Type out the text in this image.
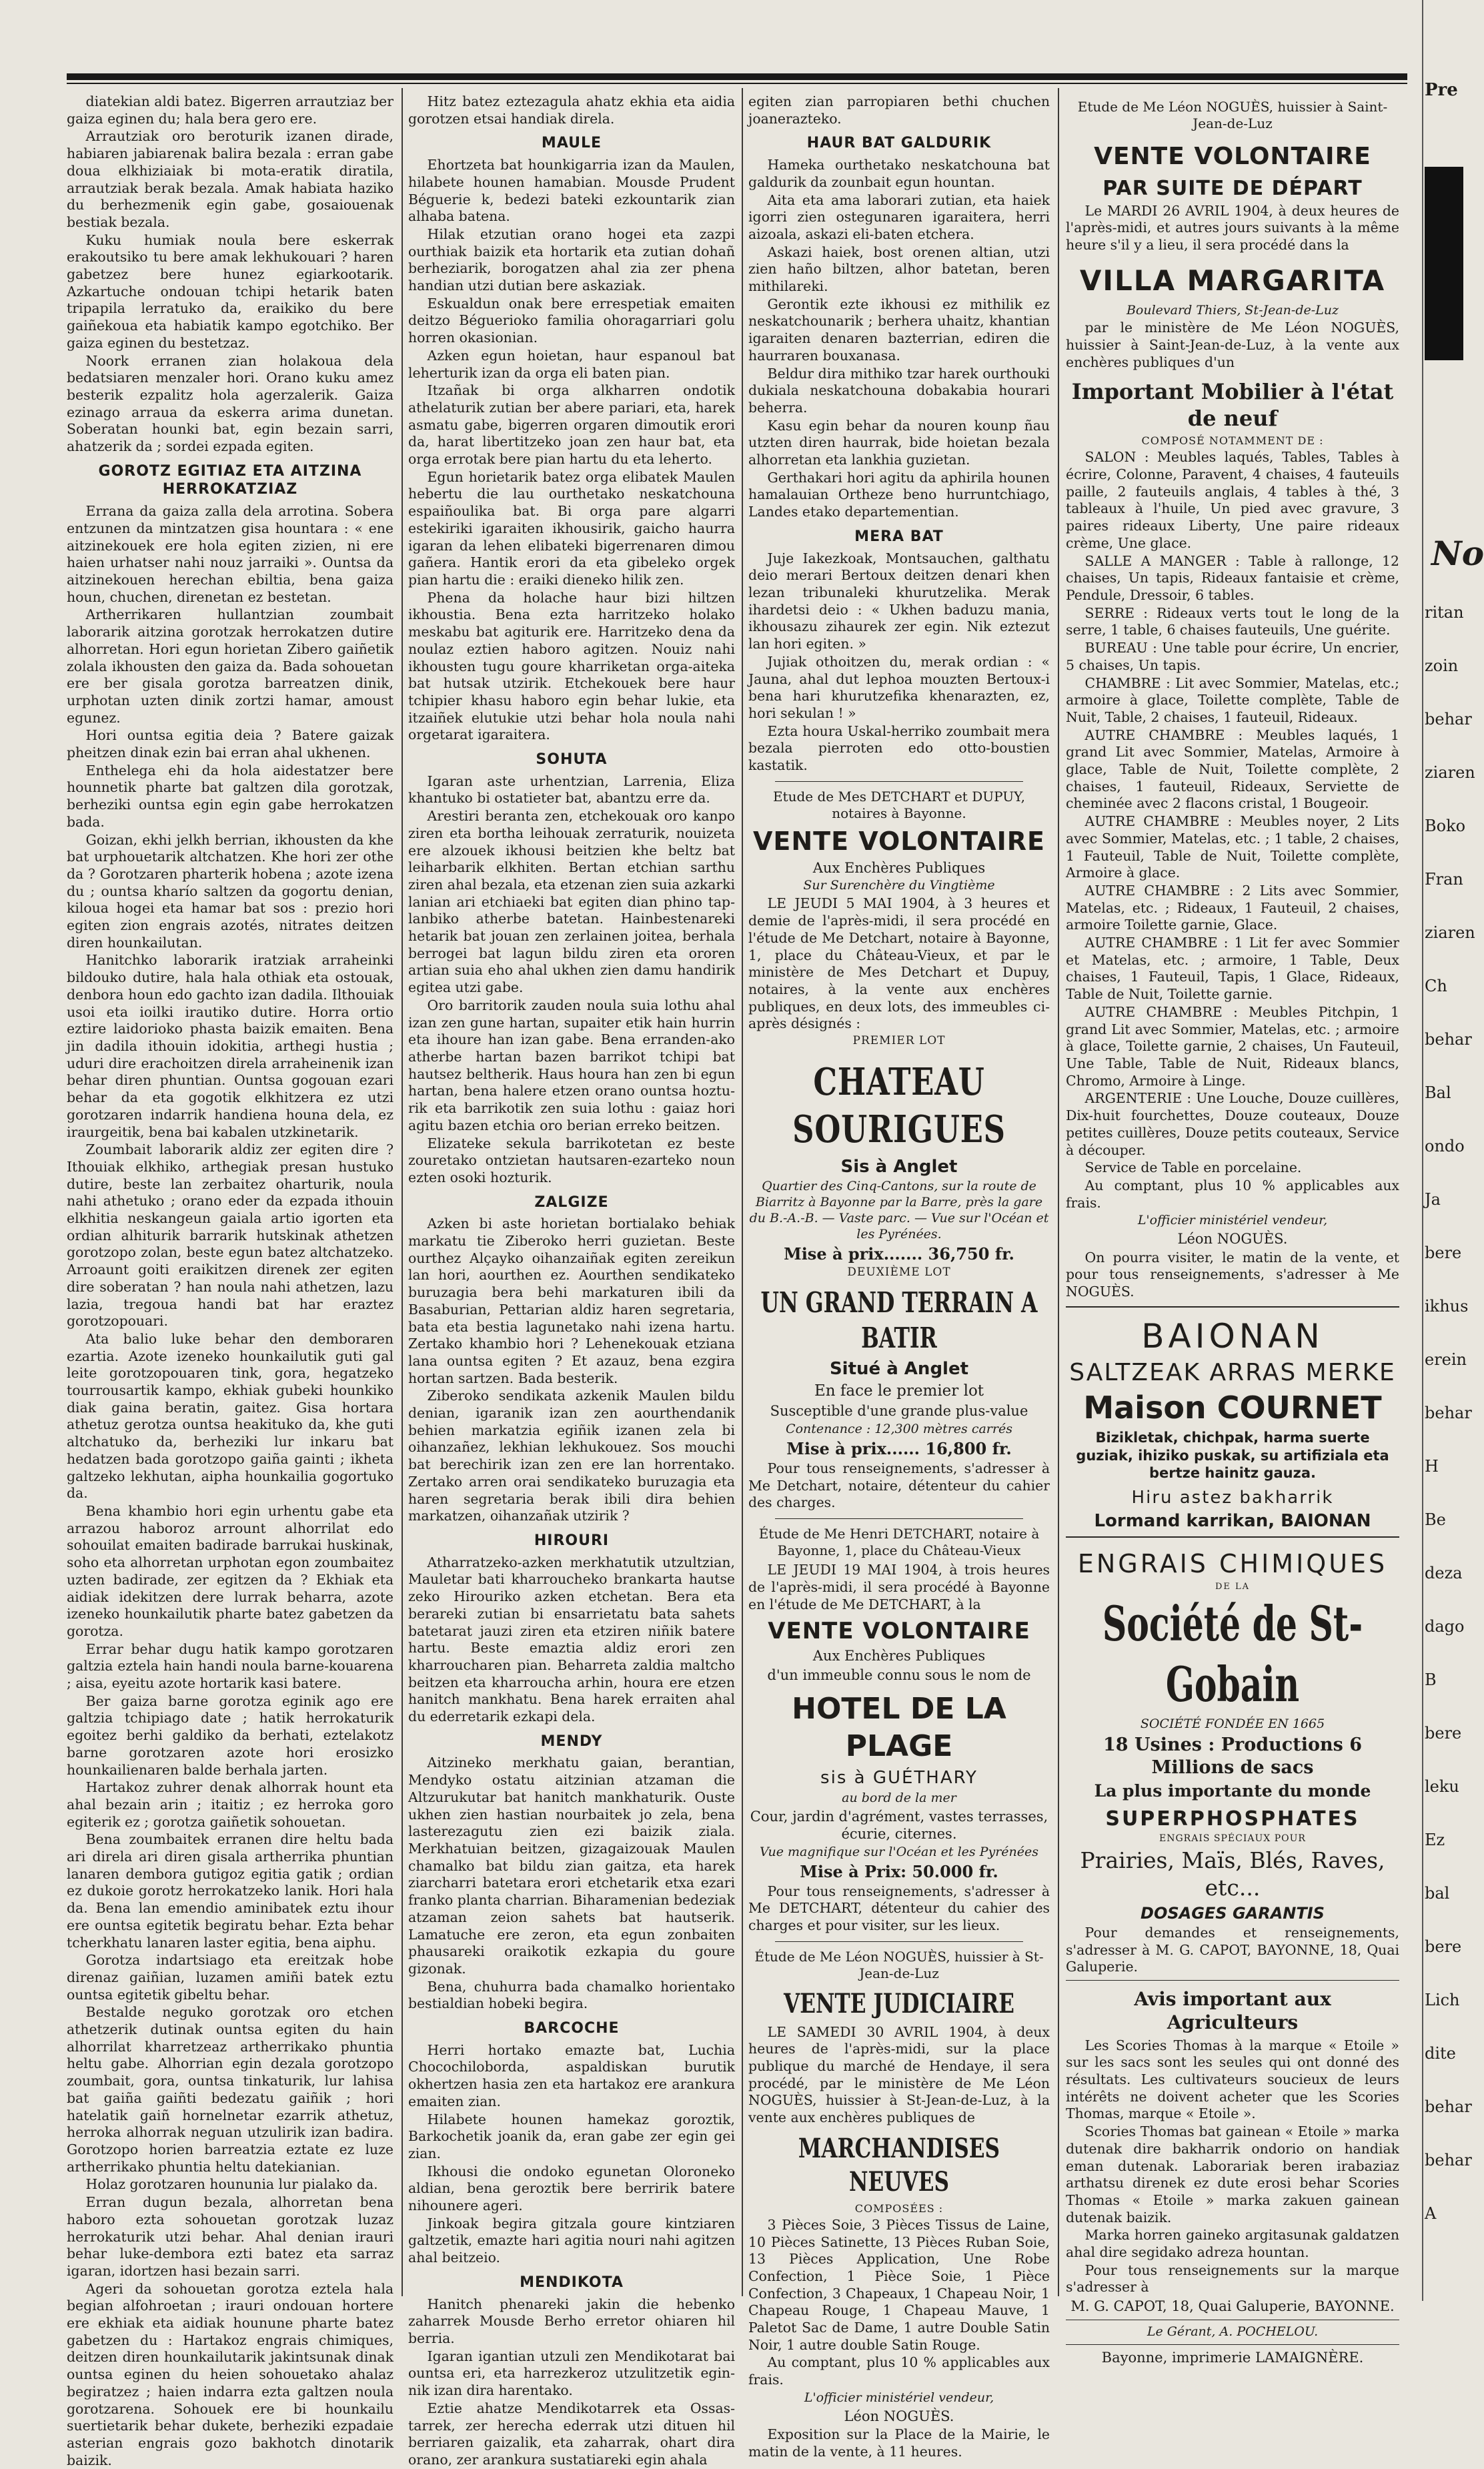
diatekian aldi batez. Bigerren arrautziaz ber gaiza eginen du; hala bera gero ere.

Arrautziak oro beroturik izanen dirade, habiaren jabiarenak balira bezala : erran gabe doua elkhiziaiak bi mota-eratik diratila, arrautziak berak bezala. Amak habiata haziko du berhezmenik egin gabe, gosaiouenak bestiak bezala.

Kuku humiak noula bere eskerrak erakoutsiko tu bere amak lekhukouari ? haren gabetzez bere hunez egiarkootarik. Azkartuche ondouan tchipi hetarik baten tripapila lerratuko da, eraikiko du bere gaiñekoua eta habiatik kampo egotchiko. Ber gaiza eginen du bestetzaz.

Noork erranen zian holakoua dela bedatsiaren menzaler hori. Orano kuku amez besterik ezpalitz hola agerzalerik. Gaiza ezinago arraua da eskerra arima dunetan. Soberatan hounki bat, egin bezain sarri, ahatzerik da ; sordei ezpada egiten.

GOROTZ EGITIAZ ETA AITZINA HERROKATZIAZ

Errana da gaiza zalla dela arrotina. Sobera entzunen da mintzatzen gisa hountara : « ene aitzinekouek ere hola egiten zizien, ni ere haien urhatser nahi nouz jarraiki ». Ountsa da aitzinekouen herechan ebiltia, bena gaiza houn, chuchen, direnetan ez bestetan.

Artherrikaren hullantzian zoumbait laborarik aitzina gorotzak herrokatzen dutire alhorretan. Hori egun horietan Zibero gaiñetik zolala ikhousten den gaiza da. Bada sohouetan ere ber gisala gorotza barreatzen dinik, urphotan uzten dinik zortzi hamar, amoust egunez.

Hori ountsa egitia deia ? Batere gaizak pheitzen dinak ezin bai erran ahal ukhenen.

Enthelega ehi da hola aidestatzer bere hounnetik pharte bat galtzen dila gorotzak, berheziki ountsa egin egin gabe herrokatzen bada.

Goizan, ekhi jelkh berrian, ikhousten da khe bat urphouetarik altchatzen. Khe hori zer othe da ? Gorotzaren pharterik hobena ; azote izena du ; ountsa kharío saltzen da gogortu denian, kiloua hogei eta hamar bat sos : prezio hori egiten zion engrais azotés, nitrates deitzen diren hounkailutan.

Hanitchko laborarik iratziak arraheinki bildouko dutire, hala hala othiak eta ostouak, denbora houn edo gachto izan dadila. Ilthouiak usoi eta ioilki irautiko dutire. Horra ortio eztire laidorioko phasta baizik emaiten. Bena jin dadila ithouin idokitia, arthegi hustia ; uduri dire erachoitzen direla arraheinenik izan behar diren phuntian. Ountsa gogouan ezari behar da eta gogotik elkhitzera ez utzi gorotzaren indarrik handiena houna dela, ez iraurgeitik, bena bai kabalen utzkinetarik.

Zoumbait laborarik aldiz zer egiten dire ? Ithouiak elkhiko, arthegiak presan hustuko dutire, beste lan zerbaitez oharturik, noula nahi athetuko ; orano eder da ezpada ithouin elkhitia neskangeun gaiala artio igorten eta ordian alhiturik barrarik hutskinak athetzen gorotzopo zolan, beste egun batez altchatzeko. Arroaunt goiti eraikitzen direnek zer egiten dire soberatan ? han noula nahi athetzen, lazu lazia, tregoua handi bat har eraztez gorotzopouari.

Ata balio luke behar den demboraren ezartia. Azote izeneko hounkailutik guti gal leite gorotzopouaren tink, gora, hegatzeko tourrousartik kampo, ekhiak gubeki hounkiko diak gaina beratin, gaitez. Gisa hortara athetuz gerotza ountsa heakituko da, khe guti altchatuko da, berheziki lur inkaru bat hedatzen bada gorotzopo gaiña gainti ; ikheta galtzeko lekhutan, aipha hounkailia gogortuko da.

Bena khambio hori egin urhentu gabe eta arrazou haboroz arrount alhorrilat edo sohouilat emaiten badirade barrukai huskinak, soho eta alhorretan urphotan egon zoumbaitez uzten badirade, zer egitzen da ? Ekhiak eta aidiak idekitzen dere lurrak beharra, azote izeneko hounkailutik pharte batez gabetzen da gorotza.

Errar behar dugu hatik kampo gorotzaren galtzia eztela hain handi noula barne-kouarena ; aisa, eyeitu azote hortarik kasi batere.

Ber gaiza barne gorotza eginik ago ere galtzia tchipiago date ; hatik herrokaturik egoitez berhi galdiko da berhati, eztelakotz barne gorotzaren azote hori erosizko hounkailienaren balde berhala jarten.

Hartakoz zuhrer denak alhorrak hount eta ahal bezain arin ; itaitiz ; ez herroka goro egiterik ez ; gorotza gaiñetik sohouetan.

Bena zoumbaitek erranen dire heltu bada ari direla ari diren gisala artherrika phuntian lanaren dembora gutigoz egitia gatik ; ordian ez dukoie gorotz herrokatzeko lanik. Hori hala da. Bena lan emendio aminibatek eztu ihour ere ountsa egitetik begiratu behar. Ezta behar tcherkhatu lanaren laster egitia, bena aiphu.

Gorotza indartsiago eta ereitzak hobe direnaz gaiñian, luzamen amiñi batek eztu ountsa egitetik gibeltu behar.

Bestalde neguko gorotzak oro etchen athetzerik dutinak ountsa egiten du hain alhorrilat kharretzeaz artherrikako phuntia heltu gabe. Alhorrian egin dezala gorotzopo zoumbait, gora, ountsa tinkaturik, lur lahisa bat gaiña gaiñti bedezatu gaiñik ; hori hatelatik gaiñ hornelnetar ezarrik athetuz, herroka alhorrak neguan utzulirik izan badira. Gorotzopo horien barreatzia eztate ez luze artherrikako phuntia heltu datekianian.

Holaz gorotzaren hoununia lur pialako da.

Erran dugun bezala, alhorretan bena haboro ezta sohouetan gorotzak luzaz herrokaturik utzi behar. Ahal denian irauri behar luke-dembora ezti batez eta sarraz igaran, idortzen hasi bezain sarri.

Ageri da sohouetan gorotza eztela hala begian alfohroetan ; irauri ondouan hortere ere ekhiak eta aidiak hounune pharte batez gabetzen du : Hartakoz engrais chimiques, deitzen diren hounkailutarik jakintsunak dinak ountsa eginen du heien sohouetako ahalaz begiratzez ; haien indarra ezta galtzen noula gorotzarena. Sohouek ere bi hounkailu suertietarik behar dukete, berheziki ezpadaie asterian engrais gozo bakhotch dinotarik baizik.

Hitz batez eztezagula ahatz ekhia eta aidia gorotzen etsai handiak direla.

MAULE

Ehortzeta bat hounkigarria izan da Maulen, hilabete hounen hamabian. Mousde Prudent Béguerie k, bedezi bateki ezkountarik zian alhaba batena.

Hilak etzutian orano hogei eta zazpi ourthiak baizik eta hortarik eta zutian dohañ berheziarik, borogatzen ahal zia zer phena handian utzi dutian bere askaziak.

Eskualdun onak bere errespetiak emaiten deitzo Béguerioko familia ohoragarriari golu horren okasionian.

Azken egun hoietan, haur espanoul bat leherturik izan da orga eli baten pian.

Itzañak bi orga alkharren ondotik athelaturik zutian ber abere pariari, eta, harek asmatu gabe, bigerren orgaren dimoutik erori da, harat libertitzeko joan zen haur bat, eta orga errotak bere pian hartu du eta leherto.

Egun horietarik batez orga elibatek Maulen hebertu die lau ourthetako neskatchouna espaiñoulika bat. Bi orga pare algarri estekiriki igaraiten ikhousirik, gaicho haurra igaran da lehen elibateki bigerrenaren dimou gañera. Hantik erori da eta gibeleko orgek pian hartu die : eraiki dieneko hilik zen.

Phena da holache haur bizi hiltzen ikhoustia. Bena ezta harritzeko holako meskabu bat agiturik ere. Harritzeko dena da noulaz eztien haboro agitzen. Nouiz nahi ikhousten tugu goure kharriketan orga-aiteka bat hutsak utzirik. Etchekouek bere haur tchipier khasu haboro egin behar lukie, eta itzaiñek elutukie utzi behar hola noula nahi orgetarat igaraitera.

SOHUTA

Igaran aste urhentzian, Larrenia, Eliza khantuko bi ostatieter bat, abantzu erre da.

Arestiri beranta zen, etchekouak oro kanpo ziren eta bortha leihouak zerraturik, nouizeta ere alzouek ikhousi beitzien khe beltz bat leiharbarik elkhiten. Bertan etchian sarthu ziren ahal bezala, eta etzenan zien suia azkarki lanian ari etchiaeki bat egiten dian phino tap-lanbiko atherbe batetan. Hainbestenareki hetarik bat jouan zen zerlainen joitea, berhala berrogei bat lagun bildu ziren eta ororen artian suia eho ahal ukhen zien damu handirik egitea utzi gabe.

Oro barritorik zauden noula suia lothu ahal izan zen gune hartan, supaiter etik hain hurrin eta ihoure han izan gabe. Bena erranden-ako atherbe hartan bazen barrikot tchipi bat hautsez beltherik. Haus houra han zen bi egun hartan, bena halere etzen orano ountsa hoztu-rik eta barrikotik zen suia lothu : gaiaz hori agitu bazen etchia oro berian erreko beitzen.

Elizateke sekula barrikotetan ez beste zouretako ontzietan hautsaren-ezarteko noun ezten osoki hozturik.

ZALGIZE

Azken bi aste horietan bortialako behiak markatu tie Ziberoko herri guzietan. Beste ourthez Alçayko oihanzaiñak egiten zereikun lan hori, aourthen ez. Aourthen sendikateko buruzagia bera behi markaturen ibili da Basaburian, Pettarian aldiz haren segretaria, bata eta bestia lagunetako nahi izena hartu. Zertako khambio hori ? Lehenekouak etziana lana ountsa egiten ? Et azauz, bena ezgira hortan sartzen. Bada besterik.

Ziberoko sendikata azkenik Maulen bildu denian, igaranik izan zen aourthendanik behien markatzia egiñik izanen zela bi oihanzañez, lekhian lekhukouez. Sos mouchi bat berechirik izan zen ere lan horrentako. Zertako arren orai sendikateko buruzagia eta haren segretaria berak ibili dira behien markatzen, oihanzañak utzirik ?

HIROURI

Atharratzeko-azken merkhatutik utzultzian, Mauletar bati kharroucheko brankarta hautse zeko Hirouriko azken etchetan. Bera eta berareki zutian bi ensarrietatu bata sahets batetarat jauzi ziren eta etziren niñik batere hartu. Beste emaztia aldiz erori zen kharroucharen pian. Beharreta zaldia maltcho beitzen eta kharroucha arhin, houra ere etzen hanitch mankhatu. Bena harek erraiten ahal du ederretarik ezkapi dela.

MENDY

Aitzineko merkhatu gaian, berantian, Mendyko ostatu aitzinian atzaman die Altzurukutar bat hanitch mankhaturik. Ouste ukhen zien hastian nourbaitek jo zela, bena lasterezagutu zien ezi baizik ziala. Merkhatuian beitzen, gizagaizouak Maulen chamalko bat bildu zian gaitza, eta harek ziarcharri batetara erori etchetarik etxa ezari franko planta charrian. Biharamenian bedeziak atzaman zeion sahets bat hautserik. Lamatuche ere zeron, eta egun zonbaiten phausareki oraikotik ezkapia du goure gizonak.

Bena, chuhurra bada chamalko horientako bestialdian hobeki begira.

BARCOCHE

Herri hortako emazte bat, Luchia Chocochiloborda, aspaldiskan burutik okhertzen hasia zen eta hartakoz ere arankura emaiten zian.

Hilabete hounen hamekaz goroztik, Barkochetik joanik da, eran gabe zer egin gei zian.

Ikhousi die ondoko egunetan Oloroneko aldian, bena geroztik bere berririk batere nihounere ageri.

Jinkoak begira gitzala goure kintziaren galtzetik, emazte hari agitia nouri nahi agitzen ahal beitzeio.

MENDIKOTA

Hanitch phenareki jakin die hebenko zaharrek Mousde Berho erretor ohiaren hil berria.

Igaran igantian utzuli zen Mendikotarat bai ountsa eri, eta harrezkeroz utzulitzetik egin-nik izan dira harentako.

Eztie ahatze Mendikotarrek eta Ossas-tarrek, zer herecha ederrak utzi dituen hil berriaren gaizalik, eta zaharrak, ohart dira orano, zer arankura sustatiareki egin ahala

egiten zian parropiaren bethi chuchen joanerazteko.

HAUR BAT GALDURIK

Hameka ourthetako neskatchouna bat galdurik da zounbait egun hountan.

Aita eta ama laborari zutian, eta haiek igorri zien ostegunaren igaraitera, herri aizoala, askazi eli-baten etchera.

Askazi haiek, bost orenen altian, utzi zien haño biltzen, alhor batetan, beren mithilareki.

Gerontik ezte ikhousi ez mithilik ez neskatchounarik ; berhera uhaitz, khantian igaraiten denaren bazterrian, ediren die haurraren bouxanasa.

Beldur dira mithiko tzar harek ourthouki dukiala neskatchouna dobakabia hourari beherra.

Kasu egin behar da nouren kounp ñau utzten diren haurrak, bide hoietan bezala alhorretan eta lankhia guzietan.

Gerthakari hori agitu da aphirila hounen hamalauian Ortheze beno hurruntchiago, Landes etako departementian.

MERA BAT

Juje Iakezkoak, Montsauchen, galthatu deio merari Bertoux deitzen denari khen lezan tribunaleki khurutzelika. Merak ihardetsi deio : « Ukhen baduzu mania, ikhousazu zihaurek zer egin. Nik eztezut lan hori egiten. »

Jujiak othoitzen du, merak ordian : « Jauna, ahal dut lephoa mouzten Bertoux-i bena hari khurutzefika khenarazten, ez, hori sekulan ! »

Ezta houra Uskal-herriko zoumbait mera bezala pierroten edo otto-boustien kastatik.

Etude de Mes DETCHART et DUPUY, notaires à Bayonne.
VENTE VOLONTAIRE
Aux Enchères Publiques
Sur Surenchère du Vingtième

LE JEUDI 5 MAI 1904, à 3 heures et demie de l'après-midi, il sera procédé en l'étude de Me Detchart, notaire à Bayonne, 1, place du Château-Vieux, et par le ministère de Mes Detchart et Dupuy, notaires, à la vente aux enchères publiques, en deux lots, des immeubles ci-après désignés :

PREMIER LOT
CHATEAU SOURIGUES
Sis à Anglet
Quartier des Cinq-Cantons, sur la route de Biarritz à Bayonne par la Barre, près la gare du B.-A.-B. — Vaste parc. — Vue sur l'Océan et les Pyrénées.
Mise à prix....... 36,750 fr.
DEUXIÈME LOT
UN GRAND TERRAIN A BATIR
Situé à Anglet
En face le premier lot
Susceptible d'une grande plus-value
Contenance : 12,300 mètres carrés
Mise à prix...... 16,800 fr.

Pour tous renseignements, s'adresser à Me Detchart, notaire, détenteur du cahier des charges.

Étude de Me Henri DETCHART, notaire à Bayonne, 1, place du Château-Vieux

LE JEUDI 19 MAI 1904, à trois heures de l'après-midi, il sera procédé à Bayonne en l'étude de Me DETCHART, à la

VENTE VOLONTAIRE
Aux Enchères Publiques
d'un immeuble connu sous le nom de
HOTEL DE LA PLAGE
sis à GUÉTHARY
au bord de la mer
Cour, jardin d'agrément, vastes terrasses, écurie, citernes.
Vue magnifique sur l'Océan et les Pyrénées
Mise à Prix: 50.000 fr.

Pour tous renseignements, s'adresser à Me DETCHART, détenteur du cahier des charges et pour visiter, sur les lieux.

Étude de Me Léon NOGUÈS, huissier à St-Jean-de-Luz
VENTE JUDICIAIRE

LE SAMEDI 30 AVRIL 1904, à deux heures de l'après-midi, sur la place publique du marché de Hendaye, il sera procédé, par le ministère de Me Léon NOGUÈS, huissier à St-Jean-de-Luz, à la vente aux enchères publiques de

MARCHANDISES NEUVES
COMPOSÉES :

3 Pièces Soie, 3 Pièces Tissus de Laine, 10 Pièces Satinette, 13 Pièces Ruban Soie, 13 Pièces Application, Une Robe Confection, 1 Pièce Soie, 1 Pièce Confection, 3 Chapeaux, 1 Chapeau Noir, 1 Chapeau Rouge, 1 Chapeau Mauve, 1 Paletot Sac de Dame, 1 autre Double Satin Noir, 1 autre double Satin Rouge.

Au comptant, plus 10 % applicables aux frais.

L'officier ministériel vendeur,
Léon NOGUÈS.

Exposition sur la Place de la Mairie, le matin de la vente, à 11 heures.

Etude de Me Léon NOGUÈS, huissier à Saint-Jean-de-Luz
VENTE VOLONTAIRE
PAR SUITE DE DÉPART

Le MARDI 26 AVRIL 1904, à deux heures de l'après-midi, et autres jours suivants à la même heure s'il y a lieu, il sera procédé dans la

VILLA MARGARITA
Boulevard Thiers, St-Jean-de-Luz

par le ministère de Me Léon NOGUÈS, huissier à Saint-Jean-de-Luz, à la vente aux enchères publiques d'un

Important Mobilier à l'état de neuf
COMPOSÉ NOTAMMENT DE :

SALON : Meubles laqués, Tables, Tables à écrire, Colonne, Paravent, 4 chaises, 4 fauteuils paille, 2 fauteuils anglais, 4 tables à thé, 3 tableaux à l'huile, Un pied avec gravure, 3 paires rideaux Liberty, Une paire rideaux crème, Une glace.

SALLE A MANGER : Table à rallonge, 12 chaises, Un tapis, Rideaux fantaisie et crème, Pendule, Dressoir, 6 tables.

SERRE : Rideaux verts tout le long de la serre, 1 table, 6 chaises fauteuils, Une guérite.

BUREAU : Une table pour écrire, Un encrier, 5 chaises, Un tapis.

CHAMBRE : Lit avec Sommier, Matelas, etc.; armoire à glace, Toilette complète, Table de Nuit, Table, 2 chaises, 1 fauteuil, Rideaux.

AUTRE CHAMBRE : Meubles laqués, 1 grand Lit avec Sommier, Matelas, Armoire à glace, Table de Nuit, Toilette complète, 2 chaises, 1 fauteuil, Rideaux, Serviette de cheminée avec 2 flacons cristal, 1 Bougeoir.

AUTRE CHAMBRE : Meubles noyer, 2 Lits avec Sommier, Matelas, etc. ; 1 table, 2 chaises, 1 Fauteuil, Table de Nuit, Toilette complète, Armoire à glace.

AUTRE CHAMBRE : 2 Lits avec Sommier, Matelas, etc. ; Rideaux, 1 Fauteuil, 2 chaises, armoire Toilette garnie, Glace.

AUTRE CHAMBRE : 1 Lit fer avec Sommier et Matelas, etc. ; armoire, 1 Table, Deux chaises, 1 Fauteuil, Tapis, 1 Glace, Rideaux, Table de Nuit, Toilette garnie.

AUTRE CHAMBRE : Meubles Pitchpin, 1 grand Lit avec Sommier, Matelas, etc. ; armoire à glace, Toilette garnie, 2 chaises, Un Fauteuil, Une Table, Table de Nuit, Rideaux blancs, Chromo, Armoire à Linge.

ARGENTERIE : Une Louche, Douze cuillères, Dix-huit fourchettes, Douze couteaux, Douze petites cuillères, Douze petits couteaux, Service à découper.

Service de Table en porcelaine.

Au comptant, plus 10 % applicables aux frais.

L'officier ministériel vendeur,
Léon NOGUÈS.

On pourra visiter, le matin de la vente, et pour tous renseignements, s'adresser à Me NOGUÈS.

BAIONAN
SALTZEAK ARRAS MERKE
Maison COURNET
Bizikletak, chichpak, harma suerte guziak, ihiziko puskak, su artifiziala eta bertze hainitz gauza.
Hiru astez bakharrik
Lormand karrikan, BAIONAN
ENGRAIS CHIMIQUES
DE LA
Société de St-Gobain
SOCIÉTÉ FONDÉE EN 1665
18 Usines : Productions 6 Millions de sacs
La plus importante du monde
SUPERPHOSPHATES
ENGRAIS SPÉCIAUX POUR
Prairies, Maïs, Blés, Raves, etc...
DOSAGES GARANTIS

Pour demandes et renseignements, s'adresser à M. G. CAPOT, BAYONNE, 18, Quai Galuperie.

Avis important aux Agriculteurs

Les Scories Thomas à la marque « Etoile » sur les sacs sont les seules qui ont donné des résultats. Les cultivateurs soucieux de leurs intérêts ne doivent acheter que les Scories Thomas, marque « Etoile ».

Scories Thomas bat gainean « Etoile » marka dutenak dire bakharrik ondorio on handiak eman dutenak. Laborariak beren irabaziaz arthatsu direnek ez dute erosi behar Scories Thomas « Etoile » marka zakuen gainean dutenak baizik.

Marka horren gaineko argitasunak galdatzen ahal dire segidako adreza hountan.

Pour tous renseignements sur la marque s'adresser à

M. G. CAPOT, 18, Quai Galuperie, BAYONNE.
Le Gérant, A. POCHELOU.
Bayonne, imprimerie LAMAIGNÈRE.
Pre
No
ritan
zoin
behar
ziaren
Boko
Fran
ziaren
Ch
behar
Bal
ondo
Ja
bere
ikhus
erein
behar
H
Be
deza
dago
B
bere
leku
Ez
bal
bere
Lich
dite
behar
behar
A
